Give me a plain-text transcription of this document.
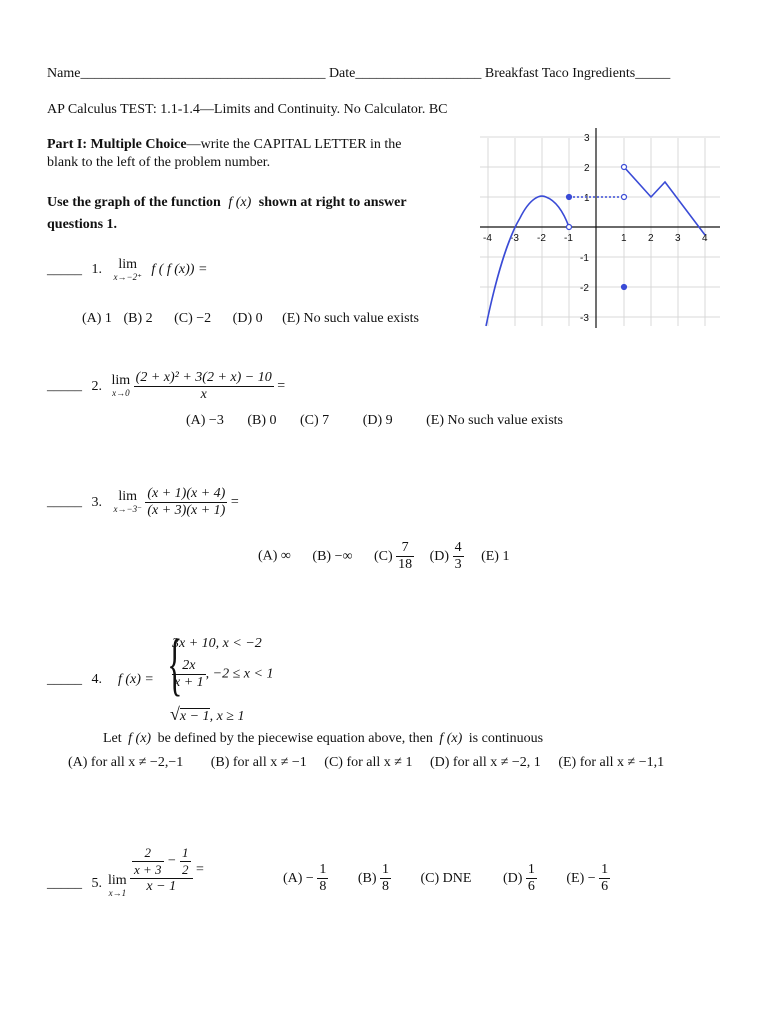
Name___________________________________ Date__________________ Breakfast Taco Ingredients_____
AP Calculus TEST: 1.1-1.4—Limits and Continuity. No Calculator. BC
Part I: Multiple Choice—write the CAPITAL LETTER in the
blank to the left of the problem number.
Use the graph of the function f (x) shown at right to answer
questions 1.
-4 -3 -2 -1	1 2 3 4
3
2
1
-1
-2
-3
_____ 1. lim
x→−2⁺ f ( f (x)) =
(A) 1 (B) 2 (C) −2 (D) 0 (E) No such value exists
_____ 2. lim
x→0
$\frac{\text{(2 + x)² + 3(2 + x) − 10}}{x}$ =
(A) −3 (B) 0 (C) 7 (D) 9 (E) No such value exists
_____ 3. lim
x→−3⁻
$\frac{(x + 1)(x + 4)}{(x + 3)(x + 1)}$ =
(A) ∞ (B) −∞ $(C) \frac{7}{18} (D) \frac{4}{3} (E)$ 1
_____ 4. f (x) = {
3x + 10, x < −2
$\frac{2x}{x + 1}$ , −2 ≤ x < 1
√x − 1, x ≥ 1
Let f (x) be defined by the piecewise equation above, then f (x) is continuous
(A) for all x ≠ −2,−1 (B) for all x ≠ −1 (C) for all x ≠ 1 (D) for all x ≠ −2, 1 (E) for all x ≠ −1,1
_____ 5. lim
$x\to 1 \frac{\frac{2}{x + 3} - \frac{1}{2}}{x - 1}$ =
$(A) - \frac{1}{8} (B) \frac{1}{8} (C)$ DNE $(D) \frac{1}{6} (E) - \frac{1}{6}$
